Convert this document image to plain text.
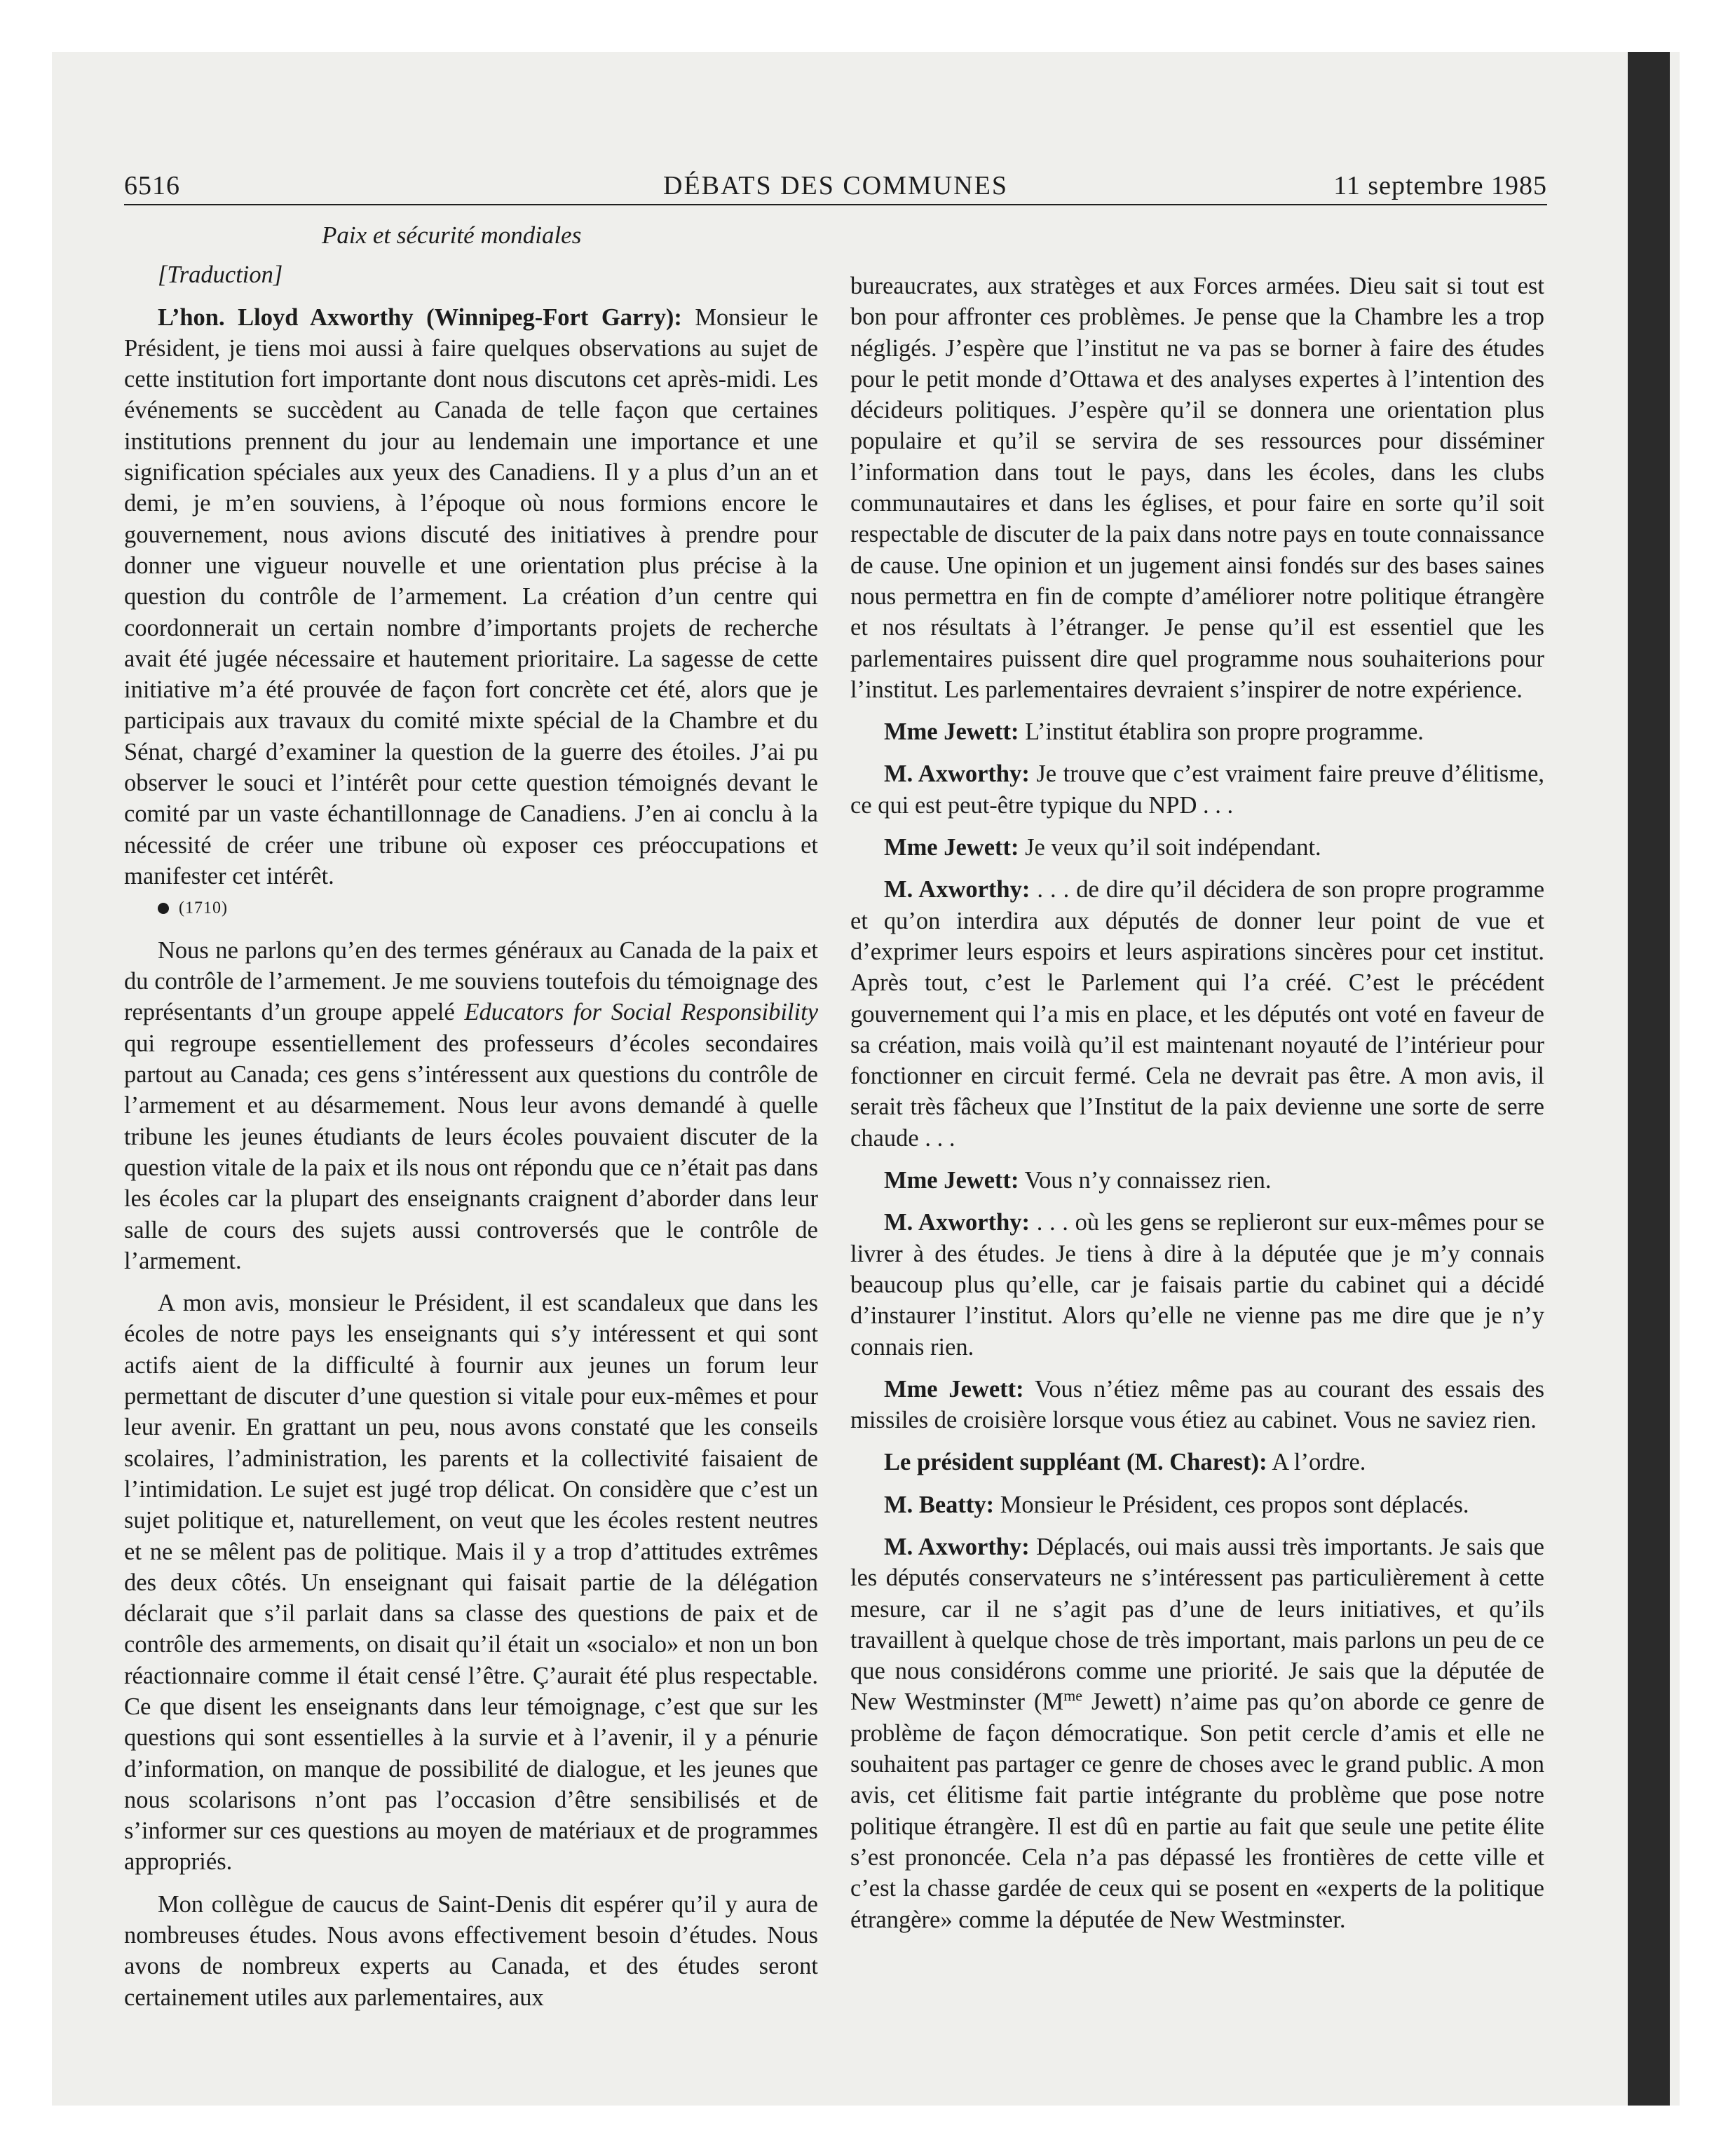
6516	DÉBATS DES COMMUNES	11 septembre 1985
Paix et sécurité mondiales

[Traduction]

L’hon. Lloyd Axworthy (Winnipeg-Fort Garry): Monsieur le Président, je tiens moi aussi à faire quelques observations au sujet de cette institution fort importante dont nous discutons cet après-midi. Les événements se succèdent au Canada de telle façon que certaines institutions prennent du jour au lendemain une importance et une signification spéciales aux yeux des Canadiens. Il y a plus d’un an et demi, je m’en souviens, à l’époque où nous formions encore le gouvernement, nous avions discuté des initiatives à prendre pour donner une vigueur nouvelle et une orientation plus précise à la question du contrôle de l’armement. La création d’un centre qui coordonnerait un certain nombre d’importants projets de recherche avait été jugée nécessaire et hautement prioritaire. La sagesse de cette initiative m’a été prouvée de façon fort concrète cet été, alors que je participais aux travaux du comité mixte spécial de la Chambre et du Sénat, chargé d’examiner la question de la guerre des étoiles. J’ai pu observer le souci et l’intérêt pour cette question témoignés devant le comité par un vaste échantillonnage de Canadiens. J’en ai conclu à la nécessité de créer une tribune où exposer ces préoccupations et manifester cet intérêt.

(1710)

Nous ne parlons qu’en des termes généraux au Canada de la paix et du contrôle de l’armement. Je me souviens toutefois du témoignage des représentants d’un groupe appelé Educators for Social Responsibility qui regroupe essentiellement des professeurs d’écoles secondaires partout au Canada; ces gens s’intéressent aux questions du contrôle de l’armement et au désarmement. Nous leur avons demandé à quelle tribune les jeunes étudiants de leurs écoles pouvaient discuter de la question vitale de la paix et ils nous ont répondu que ce n’était pas dans les écoles car la plupart des enseignants craignent d’aborder dans leur salle de cours des sujets aussi controversés que le contrôle de l’armement.

A mon avis, monsieur le Président, il est scandaleux que dans les écoles de notre pays les enseignants qui s’y intéressent et qui sont actifs aient de la difficulté à fournir aux jeunes un forum leur permettant de discuter d’une question si vitale pour eux-mêmes et pour leur avenir. En grattant un peu, nous avons constaté que les conseils scolaires, l’administration, les parents et la collectivité faisaient de l’intimidation. Le sujet est jugé trop délicat. On considère que c’est un sujet politique et, naturellement, on veut que les écoles restent neutres et ne se mêlent pas de politique. Mais il y a trop d’attitudes extrêmes des deux côtés. Un enseignant qui faisait partie de la délégation déclarait que s’il parlait dans sa classe des questions de paix et de contrôle des armements, on disait qu’il était un «socialo» et non un bon réactionnaire comme il était censé l’être. Ç’aurait été plus respectable. Ce que disent les enseignants dans leur témoignage, c’est que sur les questions qui sont essentielles à la survie et à l’avenir, il y a pénurie d’information, on manque de possibilité de dialogue, et les jeunes que nous scolarisons n’ont pas l’occasion d’être sensibilisés et de s’informer sur ces questions au moyen de matériaux et de programmes appropriés.

Mon collègue de caucus de Saint-Denis dit espérer qu’il y aura de nombreuses études. Nous avons effectivement besoin d’études. Nous avons de nombreux experts au Canada, et des études seront certainement utiles aux parlementaires, aux

bureaucrates, aux stratèges et aux Forces armées. Dieu sait si tout est bon pour affronter ces problèmes. Je pense que la Chambre les a trop négligés. J’espère que l’institut ne va pas se borner à faire des études pour le petit monde d’Ottawa et des analyses expertes à l’intention des décideurs politiques. J’espère qu’il se donnera une orientation plus populaire et qu’il se servira de ses ressources pour disséminer l’information dans tout le pays, dans les écoles, dans les clubs communautaires et dans les églises, et pour faire en sorte qu’il soit respectable de discuter de la paix dans notre pays en toute connaissance de cause. Une opinion et un jugement ainsi fondés sur des bases saines nous permettra en fin de compte d’améliorer notre politique étrangère et nos résultats à l’étranger. Je pense qu’il est essentiel que les parlementaires puissent dire quel programme nous souhaiterions pour l’institut. Les parlementaires devraient s’inspirer de notre expérience.

Mme Jewett: L’institut établira son propre programme.

M. Axworthy: Je trouve que c’est vraiment faire preuve d’élitisme, ce qui est peut-être typique du NPD . . .

Mme Jewett: Je veux qu’il soit indépendant.

M. Axworthy: . . . de dire qu’il décidera de son propre programme et qu’on interdira aux députés de donner leur point de vue et d’exprimer leurs espoirs et leurs aspirations sincères pour cet institut. Après tout, c’est le Parlement qui l’a créé. C’est le précédent gouvernement qui l’a mis en place, et les députés ont voté en faveur de sa création, mais voilà qu’il est maintenant noyauté de l’intérieur pour fonctionner en circuit fermé. Cela ne devrait pas être. A mon avis, il serait très fâcheux que l’Institut de la paix devienne une sorte de serre chaude . . .

Mme Jewett: Vous n’y connaissez rien.

M. Axworthy: . . . où les gens se replieront sur eux-mêmes pour se livrer à des études. Je tiens à dire à la députée que je m’y connais beaucoup plus qu’elle, car je faisais partie du cabinet qui a décidé d’instaurer l’institut. Alors qu’elle ne vienne pas me dire que je n’y connais rien.

Mme Jewett: Vous n’étiez même pas au courant des essais des missiles de croisière lorsque vous étiez au cabinet. Vous ne saviez rien.

Le président suppléant (M. Charest): A l’ordre.

M. Beatty: Monsieur le Président, ces propos sont déplacés.

M. Axworthy: Déplacés, oui mais aussi très importants. Je sais que les députés conservateurs ne s’intéressent pas particulièrement à cette mesure, car il ne s’agit pas d’une de leurs initiatives, et qu’ils travaillent à quelque chose de très important, mais parlons un peu de ce que nous considérons comme une priorité. Je sais que la députée de New Westminster ($M^{me}$ Jewett) n’aime pas qu’on aborde ce genre de problème de façon démocratique. Son petit cercle d’amis et elle ne souhaitent pas partager ce genre de choses avec le grand public. A mon avis, cet élitisme fait partie intégrante du problème que pose notre politique étrangère. Il est dû en partie au fait que seule une petite élite s’est prononcée. Cela n’a pas dépassé les frontières de cette ville et c’est la chasse gardée de ceux qui se posent en «experts de la politique étrangère» comme la députée de New Westminster.
